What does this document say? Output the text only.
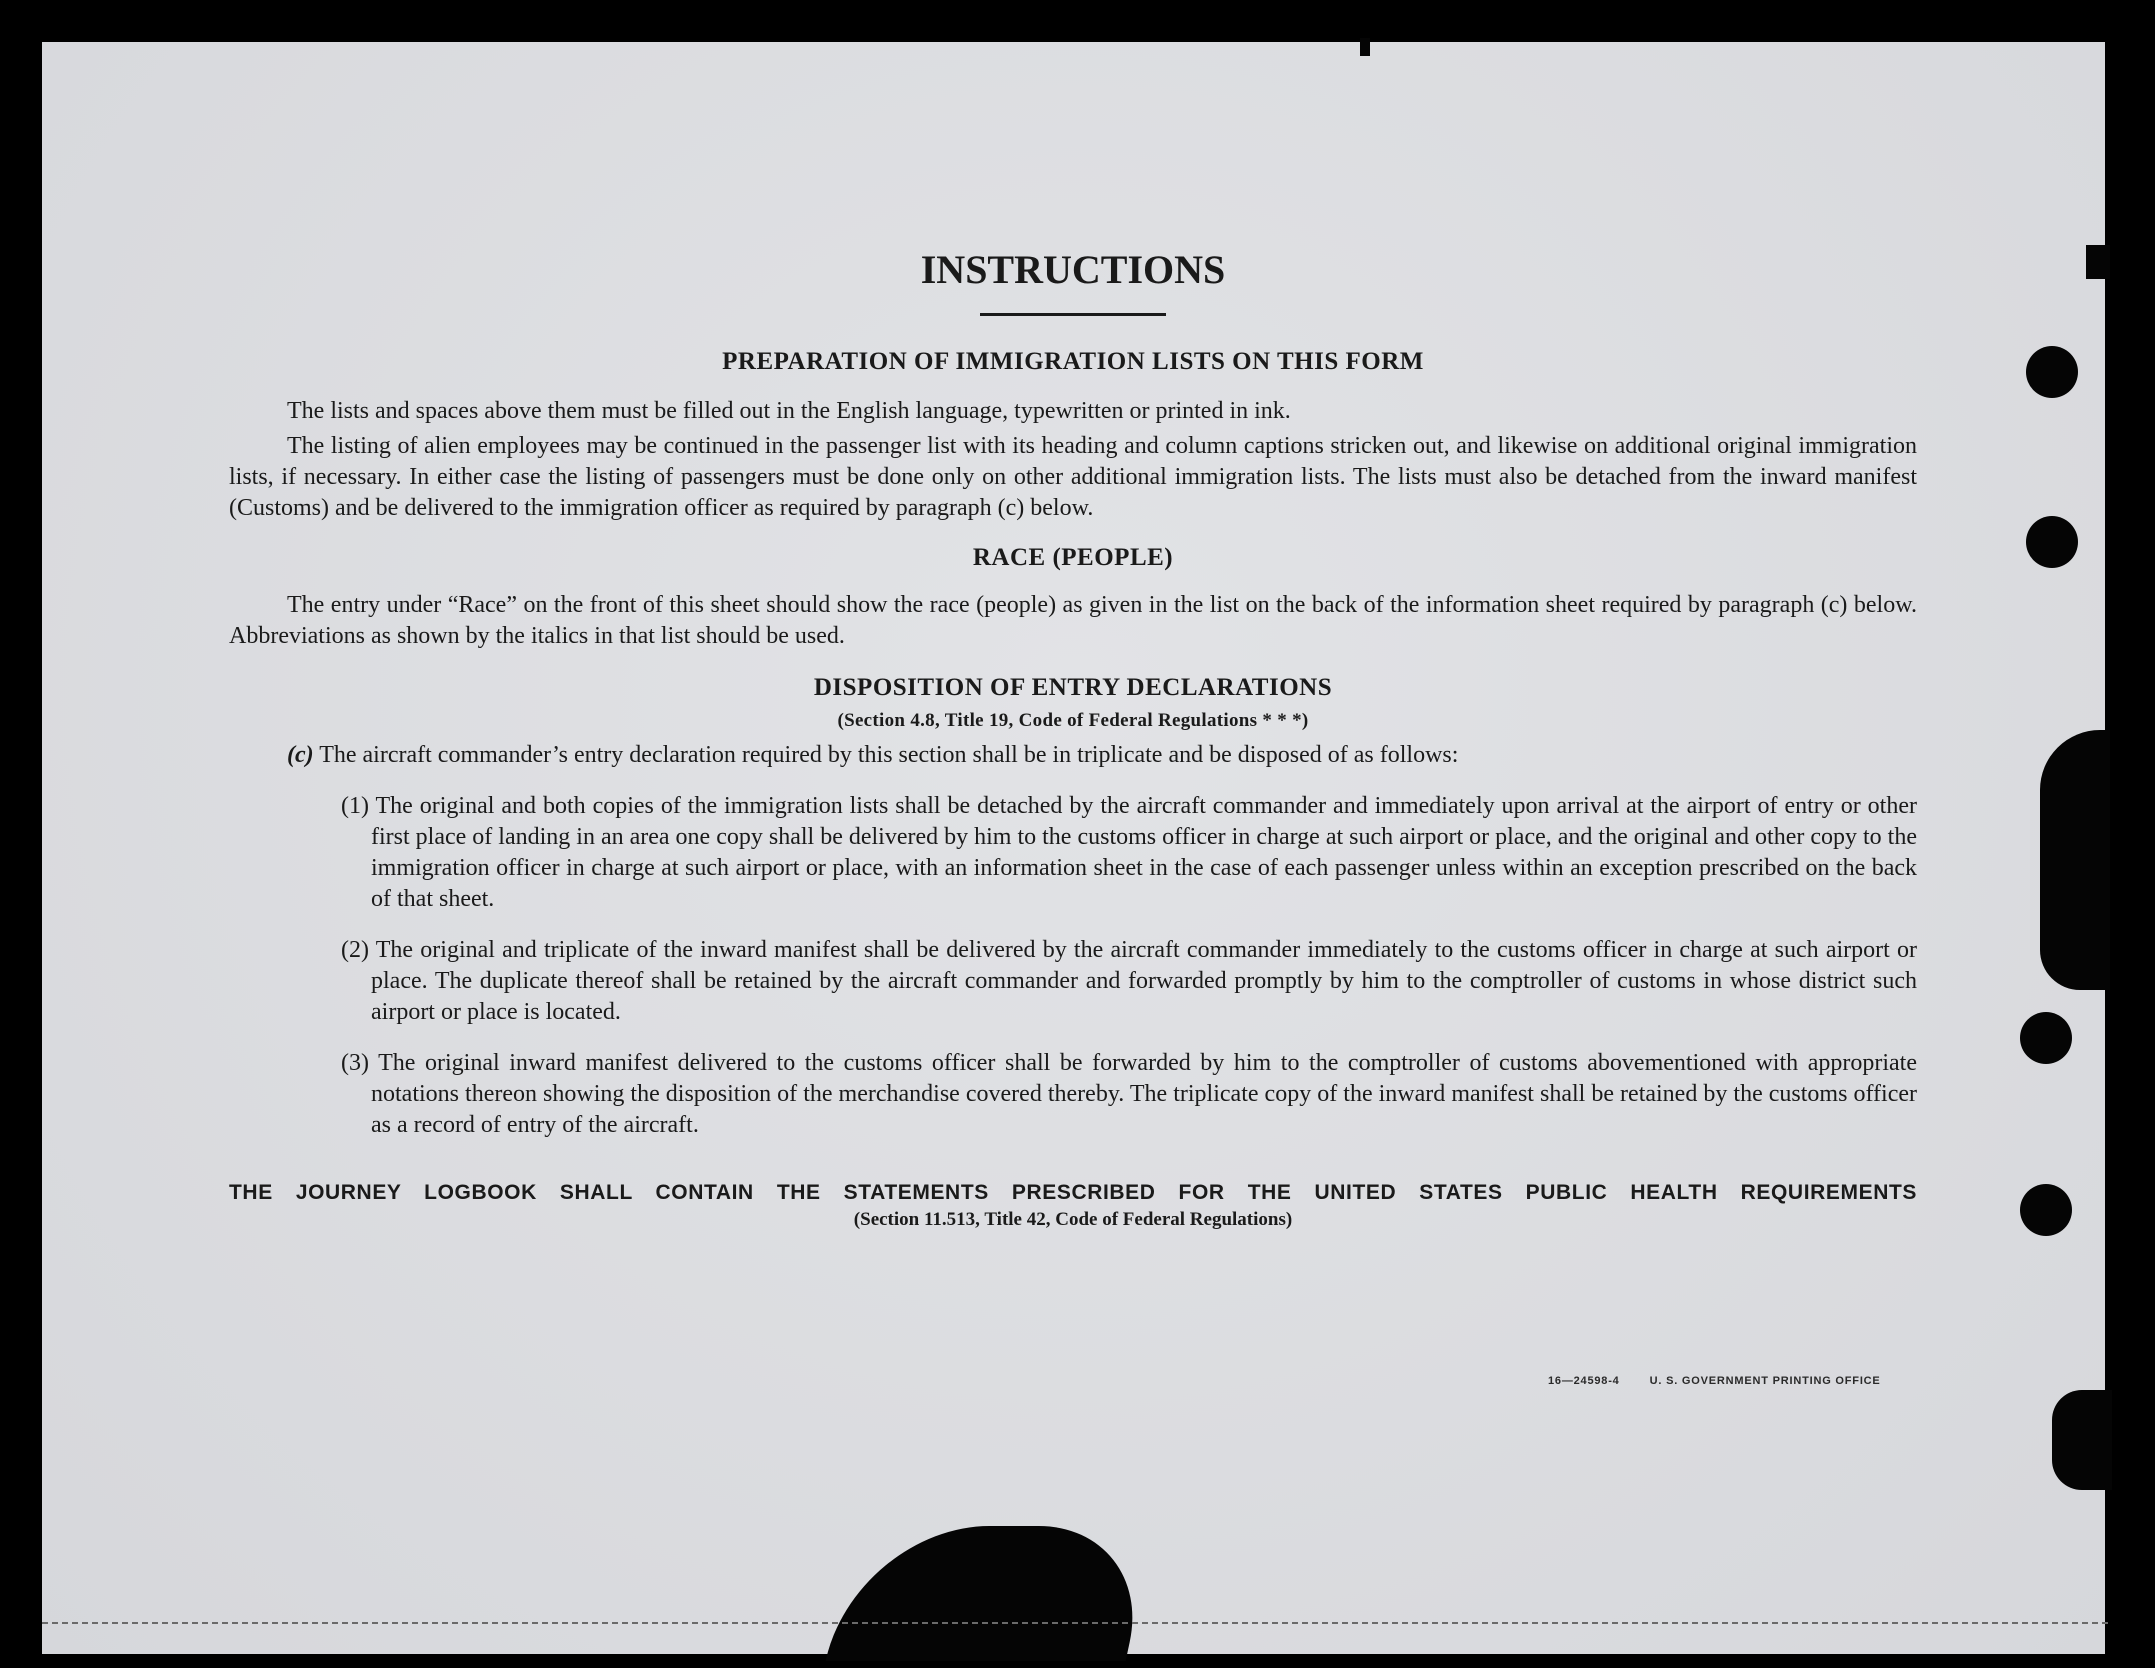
INSTRUCTIONS
PREPARATION OF IMMIGRATION LISTS ON THIS FORM

The lists and spaces above them must be filled out in the English language, typewritten or printed in ink.

The listing of alien employees may be continued in the passenger list with its heading and column captions stricken out, and likewise on additional original immigration lists, if necessary. In either case the listing of passengers must be done only on other additional immigration lists. The lists must also be detached from the inward manifest (Customs) and be delivered to the immigration officer as required by paragraph (c) below.

RACE (PEOPLE)

The entry under “Race” on the front of this sheet should show the race (people) as given in the list on the back of the information sheet required by paragraph (c) below. Abbreviations as shown by the italics in that list should be used.

DISPOSITION OF ENTRY DECLARATIONS
(Section 4.8, Title 19, Code of Federal Regulations * * *)

(c) The aircraft commander’s entry declaration required by this section shall be in triplicate and be disposed of as follows:

(1) The original and both copies of the immigration lists shall be detached by the aircraft commander and immediately upon arrival at the airport of entry or other first place of landing in an area one copy shall be delivered by him to the customs officer in charge at such airport or place, and the original and other copy to the immigration officer in charge at such airport or place, with an information sheet in the case of each passenger unless within an exception prescribed on the back of that sheet.
(2) The original and triplicate of the inward manifest shall be delivered by the aircraft commander immediately to the customs officer in charge at such airport or place. The duplicate thereof shall be retained by the aircraft commander and forwarded promptly by him to the comptroller of customs in whose district such airport or place is located.
(3) The original inward manifest delivered to the customs officer shall be forwarded by him to the comptroller of customs abovementioned with appropriate notations thereon showing the disposition of the merchandise covered thereby. The triplicate copy of the inward manifest shall be retained by the customs officer as a record of entry of the aircraft.
THE JOURNEY LOGBOOK SHALL CONTAIN THE STATEMENTS PRESCRIBED FOR THE UNITED STATES PUBLIC HEALTH REQUIREMENTS
(Section 11.513, Title 42, Code of Federal Regulations)
16—24598-4	U. S. GOVERNMENT PRINTING OFFICE
